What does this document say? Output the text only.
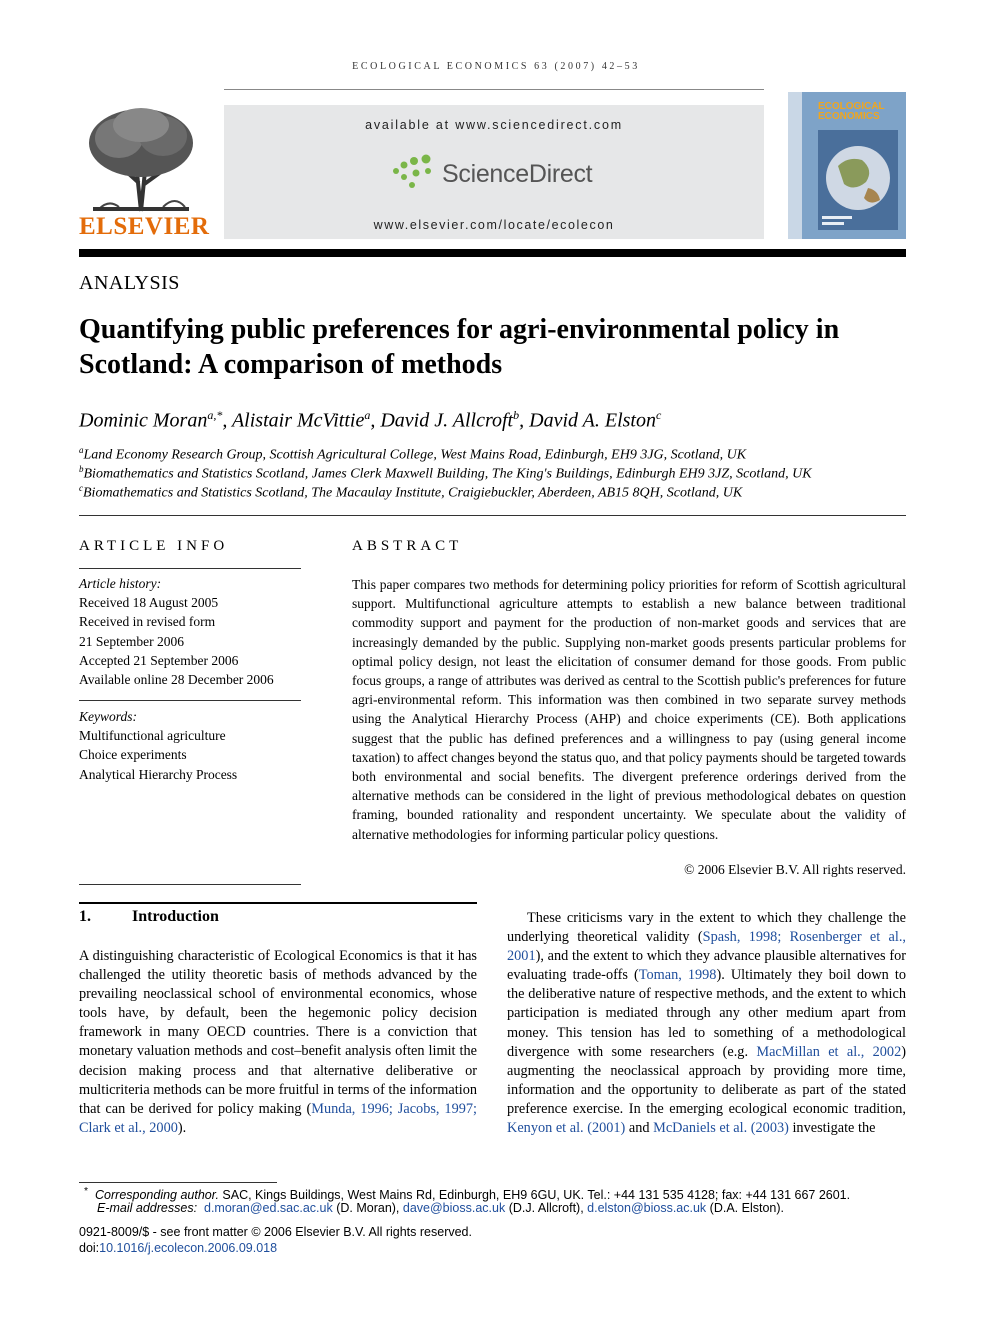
ECOLOGICAL ECONOMICS 63 (2007) 42–53
ELSEVIER
available at www.sciencedirect.com
ScienceDirect
www.elsevier.com/locate/ecolecon
ECOLOGICAL ECONOMICS
ANALYSIS
Quantifying public preferences for agri-environmental policy in Scotland: A comparison of methods
Dominic Moran$^{a,*}$, Alistair McVittie$^a$, David J. Allcroft$^b$, David A. Elston$^c$
$^a$Land Economy Research Group, Scottish Agricultural College, West Mains Road, Edinburgh, EH9 3JG, Scotland, UK
$^b$Biomathematics and Statistics Scotland, James Clerk Maxwell Building, The King's Buildings, Edinburgh EH9 3JZ, Scotland, UK
$^c$Biomathematics and Statistics Scotland, The Macaulay Institute, Craigiebuckler, Aberdeen, AB15 8QH, Scotland, UK
ARTICLE INFO	ABSTRACT
Article history:
Received 18 August 2005
Received in revised form
21 September 2006
Accepted 21 September 2006
Available online 28 December 2006
Keywords:
Multifunctional agriculture
Choice experiments
Analytical Hierarchy Process
This paper compares two methods for determining policy priorities for reform of Scottish agricultural support. Multifunctional agriculture attempts to establish a new balance between traditional commodity support and payment for the production of non-market goods and services that are increasingly demanded by the public. Supplying non-market goods presents particular problems for optimal policy design, not least the elicitation of consumer demand for those goods. From public focus groups, a range of attributes was derived as central to the Scottish public's preferences for future agri-environmental reform. This information was then combined in two separate survey methods using the Analytical Hierarchy Process (AHP) and choice experiments (CE). Both applications suggest that the public has defined preferences and a willingness to pay (using general income taxation) to affect changes beyond the status quo, and that policy payments should be targeted towards both environmental and social benefits. The divergent preference orderings derived from the alternative methods can be considered in the light of previous methodological debates on question framing, bounded rationality and respondent uncertainty. We speculate about the validity of alternative methodologies for informing particular policy questions.
© 2006 Elsevier B.V. All rights reserved.
1.	Introduction
A distinguishing characteristic of Ecological Economics is that it has challenged the utility theoretic basis of methods advanced by the prevailing neoclassical school of environmental economics, whose tools have, by default, been the hegemonic policy decision framework in many OECD countries. There is a conviction that monetary valuation methods and cost–benefit analysis often limit the decision making process and that alternative deliberative or multicriteria methods can be more fruitful in terms of the information that can be derived for policy making (Munda, 1996; Jacobs, 1997; Clark et al., 2000).
These criticisms vary in the extent to which they challenge the underlying theoretical validity (Spash, 1998; Rosenberger et al., 2001), and the extent to which they advance plausible alternatives for evaluating trade-offs (Toman, 1998). Ultimately they boil down to the deliberative nature of respective methods, and the extent to which participation is mediated through any other medium apart from money. This tension has led to something of a methodological divergence with some researchers (e.g. MacMillan et al., 2002) augmenting the neoclassical approach by providing more time, information and the opportunity to deliberate as part of the stated preference exercise. In the emerging ecological economic tradition, Kenyon et al. (2001) and McDaniels et al. (2003) investigate the
* Corresponding author. SAC, Kings Buildings, West Mains Rd, Edinburgh, EH9 6GU, UK. Tel.: +44 131 535 4128; fax: +44 131 667 2601.
E-mail addresses: d.moran@ed.sac.ac.uk (D. Moran), dave@bioss.ac.uk (D.J. Allcroft), d.elston@bioss.ac.uk (D.A. Elston).
0921-8009/$ - see front matter © 2006 Elsevier B.V. All rights reserved.
doi:10.1016/j.ecolecon.2006.09.018
